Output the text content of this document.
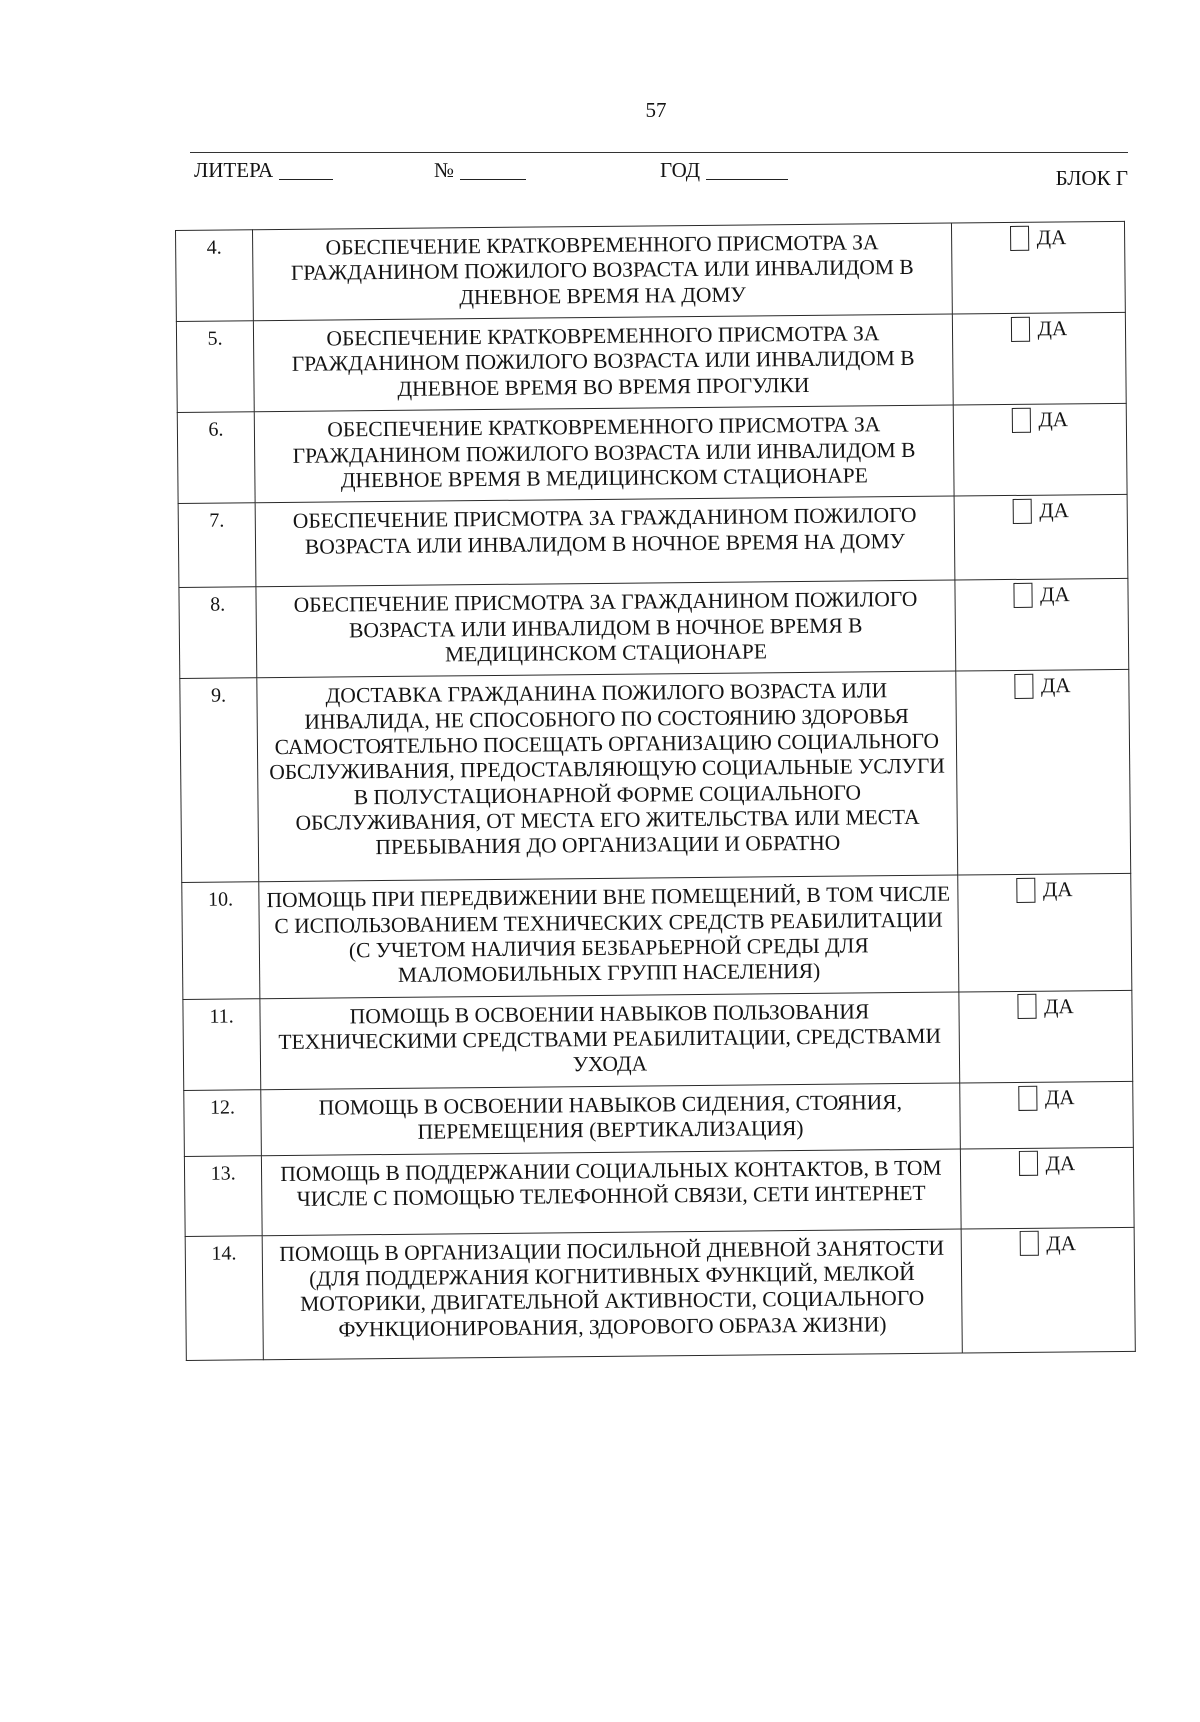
57
ЛИТЕРА	№	ГОД	БЛОК Г
4.	ОБЕСПЕЧЕНИЕ КРАТКОВРЕМЕННОГО ПРИСМОТРА ЗА ГРАЖДАНИНОМ ПОЖИЛОГО ВОЗРАСТА ИЛИ ИНВАЛИДОМ В ДНЕВНОЕ ВРЕМЯ НА ДОМУ	ДА
5.	ОБЕСПЕЧЕНИЕ КРАТКОВРЕМЕННОГО ПРИСМОТРА ЗА ГРАЖДАНИНОМ ПОЖИЛОГО ВОЗРАСТА ИЛИ ИНВАЛИДОМ В ДНЕВНОЕ ВРЕМЯ ВО ВРЕМЯ ПРОГУЛКИ	ДА
6.	ОБЕСПЕЧЕНИЕ КРАТКОВРЕМЕННОГО ПРИСМОТРА ЗА ГРАЖДАНИНОМ ПОЖИЛОГО ВОЗРАСТА ИЛИ ИНВАЛИДОМ В ДНЕВНОЕ ВРЕМЯ В МЕДИЦИНСКОМ СТАЦИОНАРЕ	ДА
7.	ОБЕСПЕЧЕНИЕ ПРИСМОТРА ЗА ГРАЖДАНИНОМ ПОЖИЛОГО ВОЗРАСТА ИЛИ ИНВАЛИДОМ В НОЧНОЕ ВРЕМЯ НА ДОМУ	ДА
8.	ОБЕСПЕЧЕНИЕ ПРИСМОТРА ЗА ГРАЖДАНИНОМ ПОЖИЛОГО ВОЗРАСТА ИЛИ ИНВАЛИДОМ В НОЧНОЕ ВРЕМЯ В МЕДИЦИНСКОМ СТАЦИОНАРЕ	ДА
9.	ДОСТАВКА ГРАЖДАНИНА ПОЖИЛОГО ВОЗРАСТА ИЛИ ИНВАЛИДА, НЕ СПОСОБНОГО ПО СОСТОЯНИЮ ЗДОРОВЬЯ САМОСТОЯТЕЛЬНО ПОСЕЩАТЬ ОРГАНИЗАЦИЮ СОЦИАЛЬНОГО ОБСЛУЖИВАНИЯ, ПРЕДОСТАВЛЯЮЩУЮ СОЦИАЛЬНЫЕ УСЛУГИ В ПОЛУСТАЦИОНАРНОЙ ФОРМЕ СОЦИАЛЬНОГО ОБСЛУЖИВАНИЯ, ОТ МЕСТА ЕГО ЖИТЕЛЬСТВА ИЛИ МЕСТА ПРЕБЫВАНИЯ ДО ОРГАНИЗАЦИИ И ОБРАТНО	ДА
10.	ПОМОЩЬ ПРИ ПЕРЕДВИЖЕНИИ ВНЕ ПОМЕЩЕНИЙ, В ТОМ ЧИСЛЕ С ИСПОЛЬЗОВАНИЕМ ТЕХНИЧЕСКИХ СРЕДСТВ РЕАБИЛИТАЦИИ (С УЧЕТОМ НАЛИЧИЯ БЕЗБАРЬЕРНОЙ СРЕДЫ ДЛЯ МАЛОМОБИЛЬНЫХ ГРУПП НАСЕЛЕНИЯ)	ДА
11.	ПОМОЩЬ В ОСВОЕНИИ НАВЫКОВ ПОЛЬЗОВАНИЯ ТЕХНИЧЕСКИМИ СРЕДСТВАМИ РЕАБИЛИТАЦИИ, СРЕДСТВАМИ УХОДА	ДА
12.	ПОМОЩЬ В ОСВОЕНИИ НАВЫКОВ СИДЕНИЯ, СТОЯНИЯ, ПЕРЕМЕЩЕНИЯ (ВЕРТИКАЛИЗАЦИЯ)	ДА
13.	ПОМОЩЬ В ПОДДЕРЖАНИИ СОЦИАЛЬНЫХ КОНТАКТОВ, В ТОМ ЧИСЛЕ С ПОМОЩЬЮ ТЕЛЕФОННОЙ СВЯЗИ, СЕТИ ИНТЕРНЕТ	ДА
14.	ПОМОЩЬ В ОРГАНИЗАЦИИ ПОСИЛЬНОЙ ДНЕВНОЙ ЗАНЯТОСТИ (ДЛЯ ПОДДЕРЖАНИЯ КОГНИТИВНЫХ ФУНКЦИЙ, МЕЛКОЙ МОТОРИКИ, ДВИГАТЕЛЬНОЙ АКТИВНОСТИ, СОЦИАЛЬНОГО ФУНКЦИОНИРОВАНИЯ, ЗДОРОВОГО ОБРАЗА ЖИЗНИ)	ДА
